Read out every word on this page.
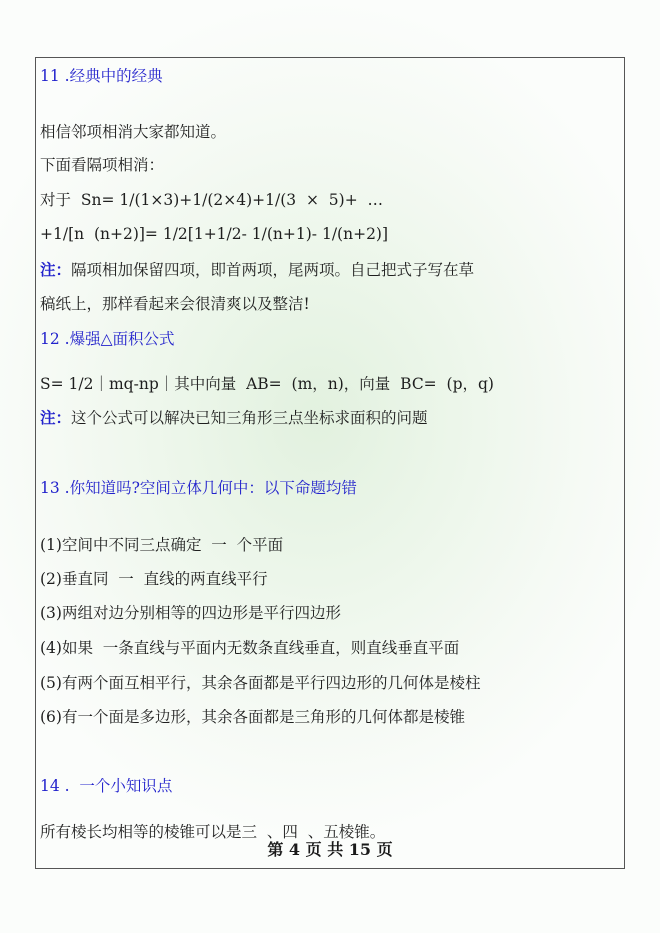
11 .经典中的经典
相信邻项相消大家都知道。
下面看隔项相消：
对于  Sn= 1/(1×3)+1/(2×4)+1/(3  ×  5)+  …
+1/[n  (n+2)]= 1/2[1+1/2- 1/(n+1)- 1/(n+2)]
注：隔项相加保留四项，即首两项，尾两项。自己把式子写在草
稿纸上，那样看起来会很清爽以及整洁!
12 .爆强△面积公式
S= 1/2｜mq-np｜其中向量  AB=  (m，n)，向量  BC=  (p，q)
注：这个公式可以解决已知三角形三点坐标求面积的问题
13 .你知道吗?空间立体几何中：以下命题均错
(1)空间中不同三点确定  一  个平面
(2)垂直同  一  直线的两直线平行
(3)两组对边分别相等的四边形是平行四边形
(4)如果  一条直线与平面内无数条直线垂直，则直线垂直平面
(5)有两个面互相平行，其余各面都是平行四边形的几何体是棱柱
(6)有一个面是多边形，其余各面都是三角形的几何体都是棱锥
14 .  一个小知识点
所有棱长均相等的棱锥可以是三  、四  、五棱锥。
第 4 页 共 15 页
